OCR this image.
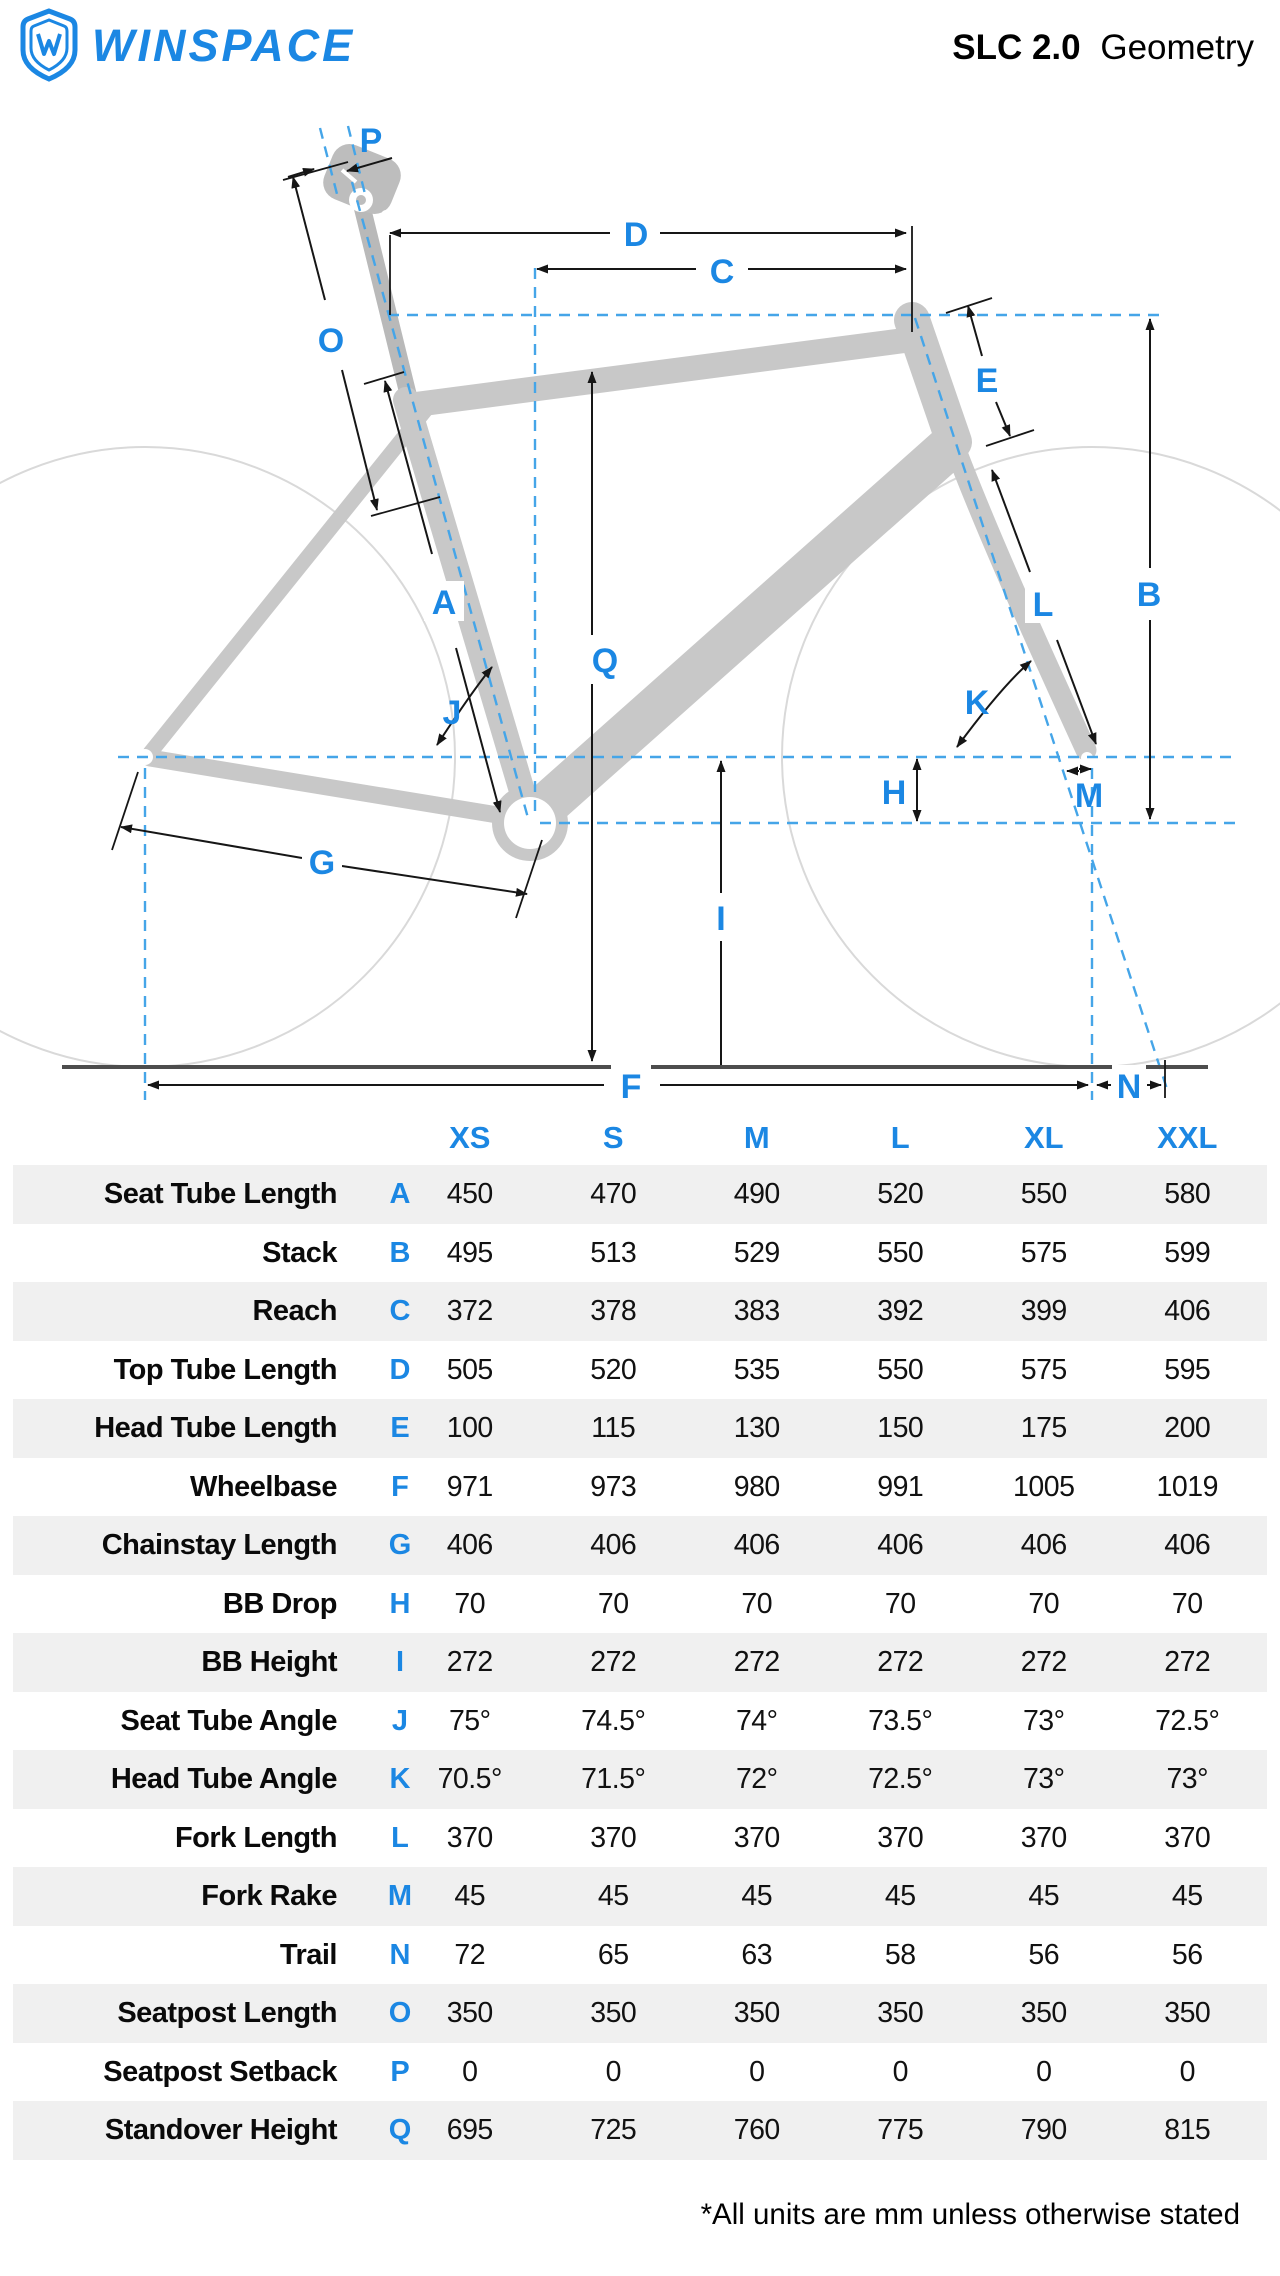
WINSPACE	SLC 2.0 Geometry
P
D
C
O
E
A	B
L
Q
J	K
H	M
G
I
F	N
XS	S	M	L	XL	XXL
Seat Tube Length	A	450	470	490	520	550	580
Stack	B	495	513	529	550	575	599
Reach	C	372	378	383	392	399	406
Top Tube Length	D	505	520	535	550	575	595
Head Tube Length	E	100	115	130	150	175	200
Wheelbase	F	971	973	980	991	1005	1019
Chainstay Length	G	406	406	406	406	406	406
BB Drop	H	70	70	70	70	70	70
BB Height	I	272	272	272	272	272	272
Seat Tube Angle	J	75°	74.5°	74°	73.5°	73°	72.5°
Head Tube Angle	K 70.5°	71.5°	72°	72.5°	73°	73°
Fork Length	L	370	370	370	370	370	370
Fork Rake	M	45	45	45	45	45	45
Trail	N	72	65	63	58	56	56
Seatpost Length	O	350	350	350	350	350	350
Seatpost Setback	P	0	0	0	0	0	0
Standover Height	Q	695	725	760	775	790	815
*All units are mm unless otherwise stated
